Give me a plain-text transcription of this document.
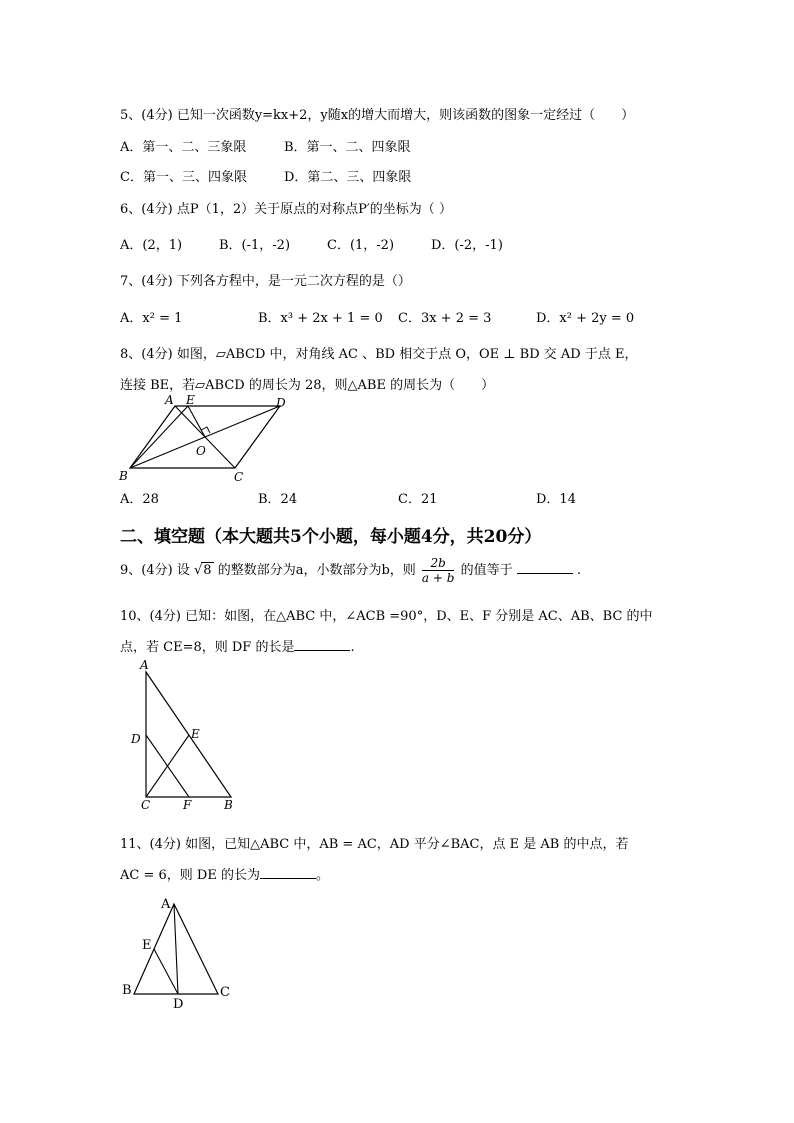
5、(4分) 已知一次函数y=kx+2，y随x的增大而增大，则该函数的图象一定经过（　　）
A．第一、二、三象限	B．第一、二、四象限
C．第一、三、四象限	D．第二、三、四象限
6、(4分) 点P（1，2）关于原点的对称点P′的坐标为（ ）
A．(2，1)	B．(-1，-2)	C．(1，-2)	D．(-2，-1)
7、(4分) 下列各方程中，是一元二次方程的是（）
A．x² = 1	B．x³ + 2x + 1 = 0 C．3x + 2 = 3	D．x² + 2y = 0
8、(4分) 如图，▱ABCD 中，对角线 AC 、BD 相交于点 O，OE ⊥ BD 交 AD 于点 E，
连接 BE，若▱ABCD 的周长为 28，则△ABE 的周长为（　　）
A E	D
O
B	C
A．28	B．24	C．21	D．14
二、填空题（本大题共5个小题，每小题4分，共20分）
9、(4分) 设 √8 的整数部分为a，小数部分为b，则 $\frac{2b}{a + b}$ 的值等于	.
10、(4分) 已知：如图，在△ABC 中，∠ACB =90°，D、E、F 分别是 AC、AB、BC 的中
点，若 CE=8，则 DF 的长是	.
A
D	E
C	F	B
11、(4分) 如图，已知△ABC 中，AB = AC，AD 平分∠BAC，点 E 是 AB 的中点，若
AC = 6，则 DE 的长为	。
A
E
B
D
C
